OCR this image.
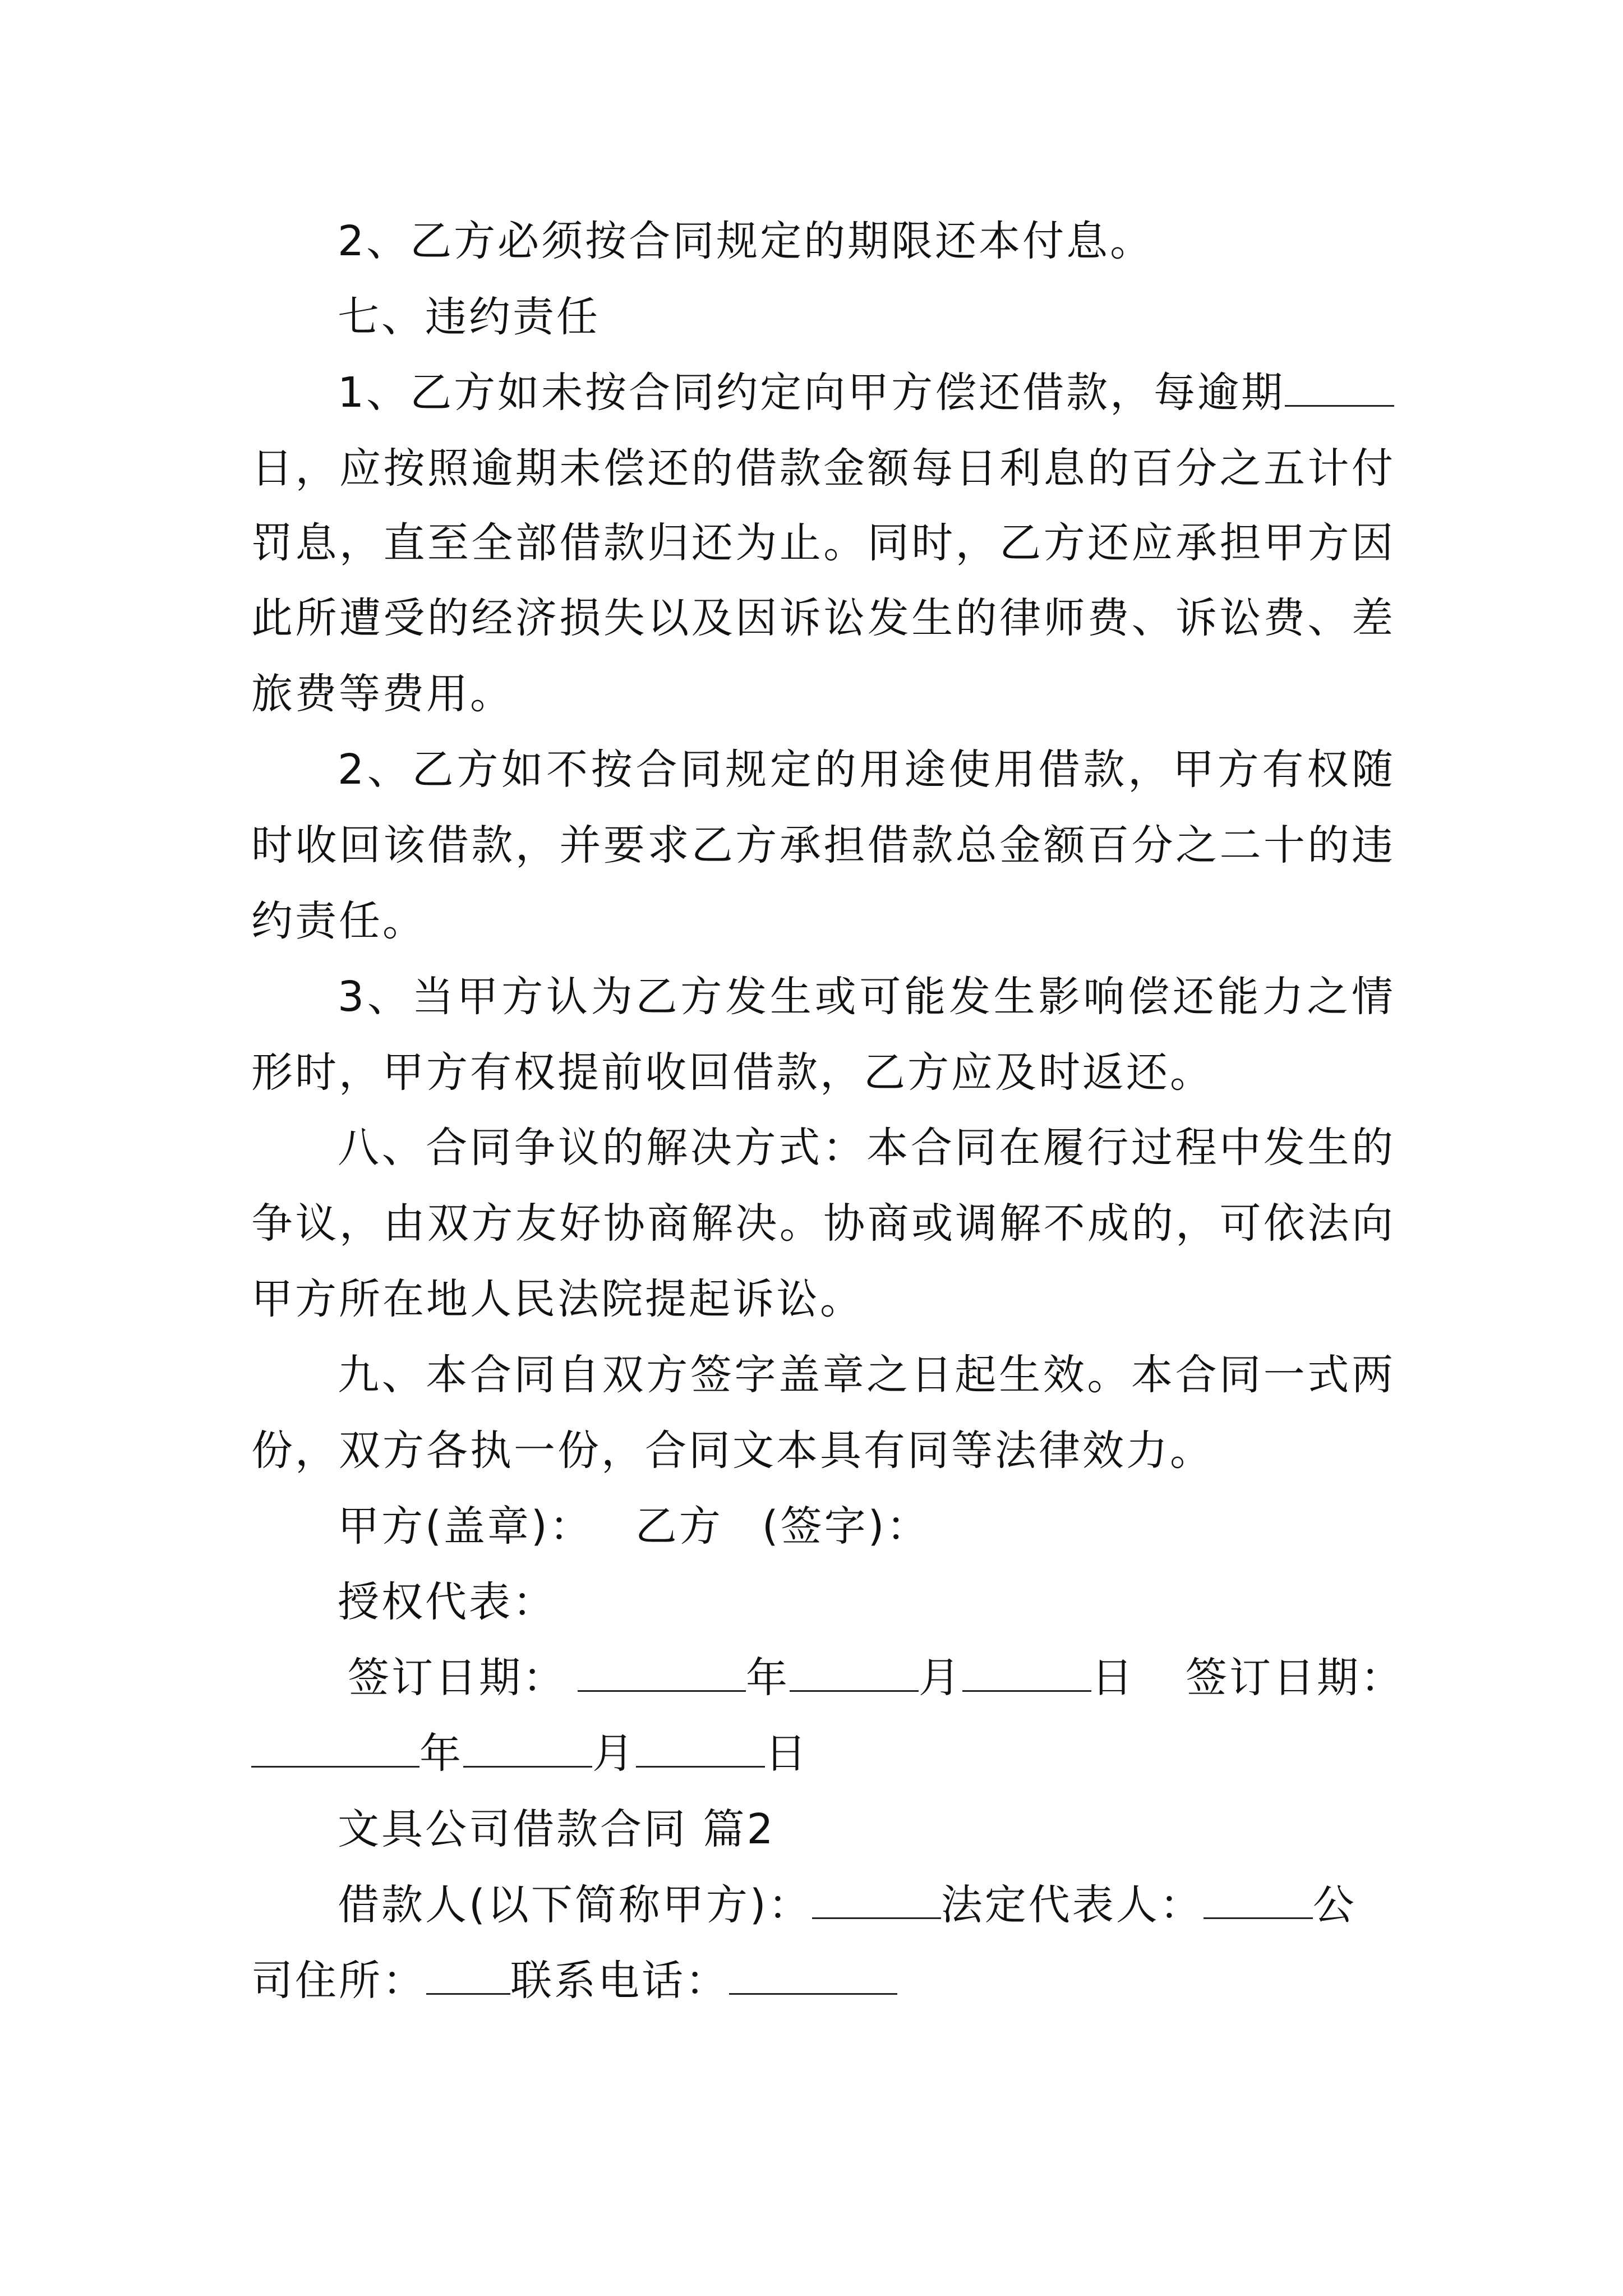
2、乙方必须按合同规定的期限还本付息。
七、违约责任
1、乙方如未按合同约定向甲方偿还借款，每逾期
日，应按照逾期未偿还的借款金额每日利息的百分之五计付
罚息，直至全部借款归还为止。同时，乙方还应承担甲方因
此所遭受的经济损失以及因诉讼发生的律师费、诉讼费、差
旅费等费用。
2、乙方如不按合同规定的用途使用借款，甲方有权随
时收回该借款，并要求乙方承担借款总金额百分之二十的违
约责任。
3、当甲方认为乙方发生或可能发生影响偿还能力之情
形时，甲方有权提前收回借款，乙方应及时返还。
八、合同争议的解决方式：本合同在履行过程中发生的
争议，由双方友好协商解决。协商或调解不成的，可依法向
甲方所在地人民法院提起诉讼。
九、本合同自双方签字盖章之日起生效。本合同一式两
份，双方各执一份，合同文本具有同等法律效力。
甲方(盖章)： 乙方 (签字)：
授权代表：
签订日期：	年	月	日 签订日期：
年	月	日
文具公司借款合同 篇2
借款人(以下简称甲方)：	法定代表人：	公
司住所： 联系电话：
